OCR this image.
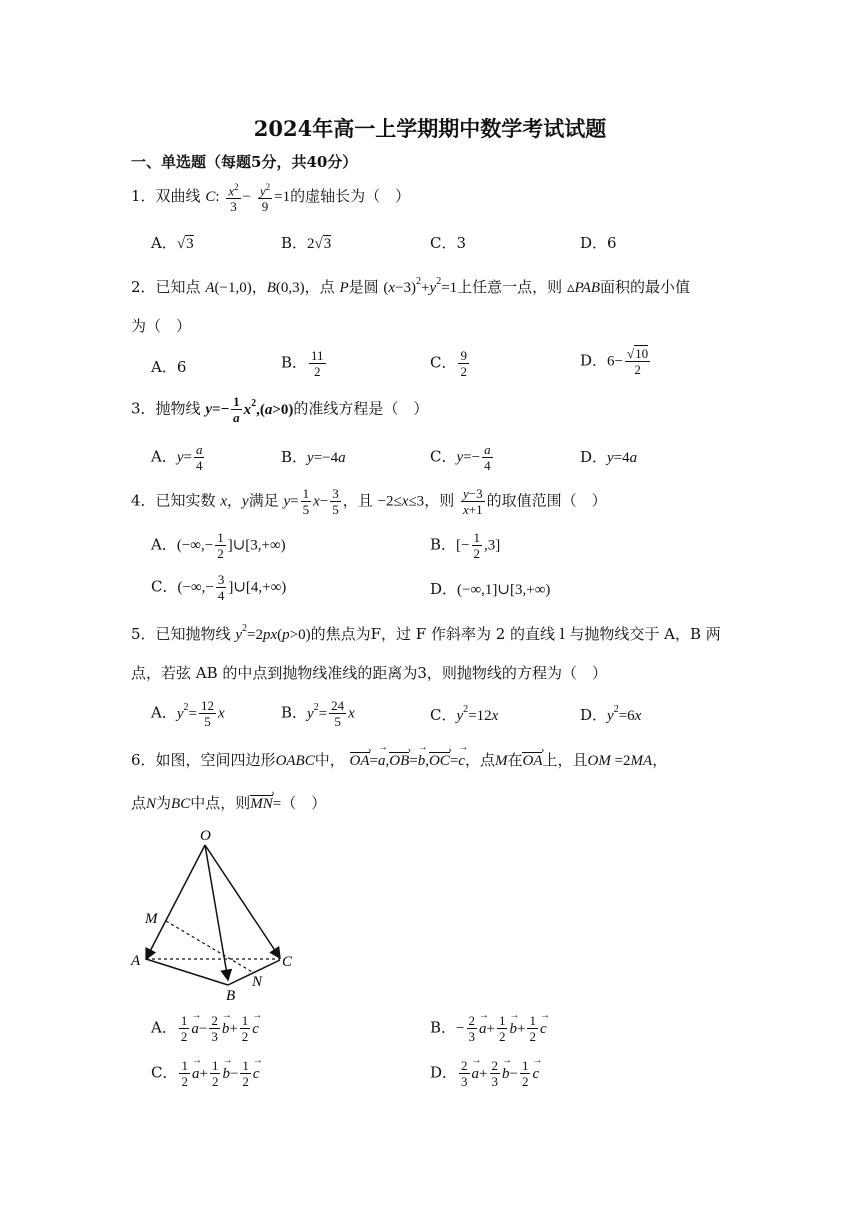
2024年高一上学期期中数学考试试题
一、单选题（每题5分，共40分）
1．双曲线 C: $\frac{x^2}{3} - \frac{y^2}{9} =1$的虚轴长为（　）
A．√3	B．2√3	C．3	D．6
2．已知点 A(−1,0)，B(0,3)，点 P是圆 $(x-3)^2+y^2=1$上任意一点，则 ▵PAB面积的最小值
为（　）
A．6	B． $\frac{11}{2}$	C． $\frac{9}{2}$	D．$6- \frac{√10}{2}$
3．抛物线 $y=- \frac{1}{a} x^2,(a>0)$的准线方程是（　）
A．$y= \frac{a}{4}$	B．y=−4a	C．$y=- \frac{a}{4}$	D．y=4a
4．已知实数 x，y满足 $y= \frac{1}{5} x- \frac{3}{5}$ ，且 −2≤x≤3，则 $\frac{y-3}{x+1}$ 的取值范围（　）
A．(−∞,− $\frac{1}{2}$ ]∪[3,+∞)	B．[− $\frac{1}{2} ,3$]
C．(−∞,− $\frac{3}{4}$ ]∪[4,+∞)	D．(−∞,1]∪[3,+∞)
5．已知抛物线 $y^2=2px(p>0)$的焦点为F，过 F 作斜率为 2 的直线 l 与抛物线交于 A，B 两
点，若弦 AB 的中点到抛物线准线的距离为3，则抛物线的方程为（　）
A．$y^2= \frac{12}{5}$ x	B．$y^2= \frac{24}{5}$ x	C．$y^2=12x$	D．$y^2=6x$
6．如图，空间四边形OABC中， OA ›=→ a,OB ›=→ b,OC ›=→ c，点M在OA ›上，且OM =2MA，
点N为BC中点，则MN ›=（　）
O
M
A
B
C
N
A． $\frac{1}{2}$
→ $a- \frac{2}{3}$
→ $b+ \frac{1}{2}$
→ c	B．− $\frac{2}{3}$
→ $a+ \frac{1}{2}$
→ $b+ \frac{1}{2}$
→ c
C． $\frac{1}{2}$
→ $a+ \frac{1}{2}$
→ $b- \frac{1}{2}$
→ c	D． $\frac{2}{3}$
→ $a+ \frac{2}{3}$
→ $b- \frac{1}{2}$
→ c
